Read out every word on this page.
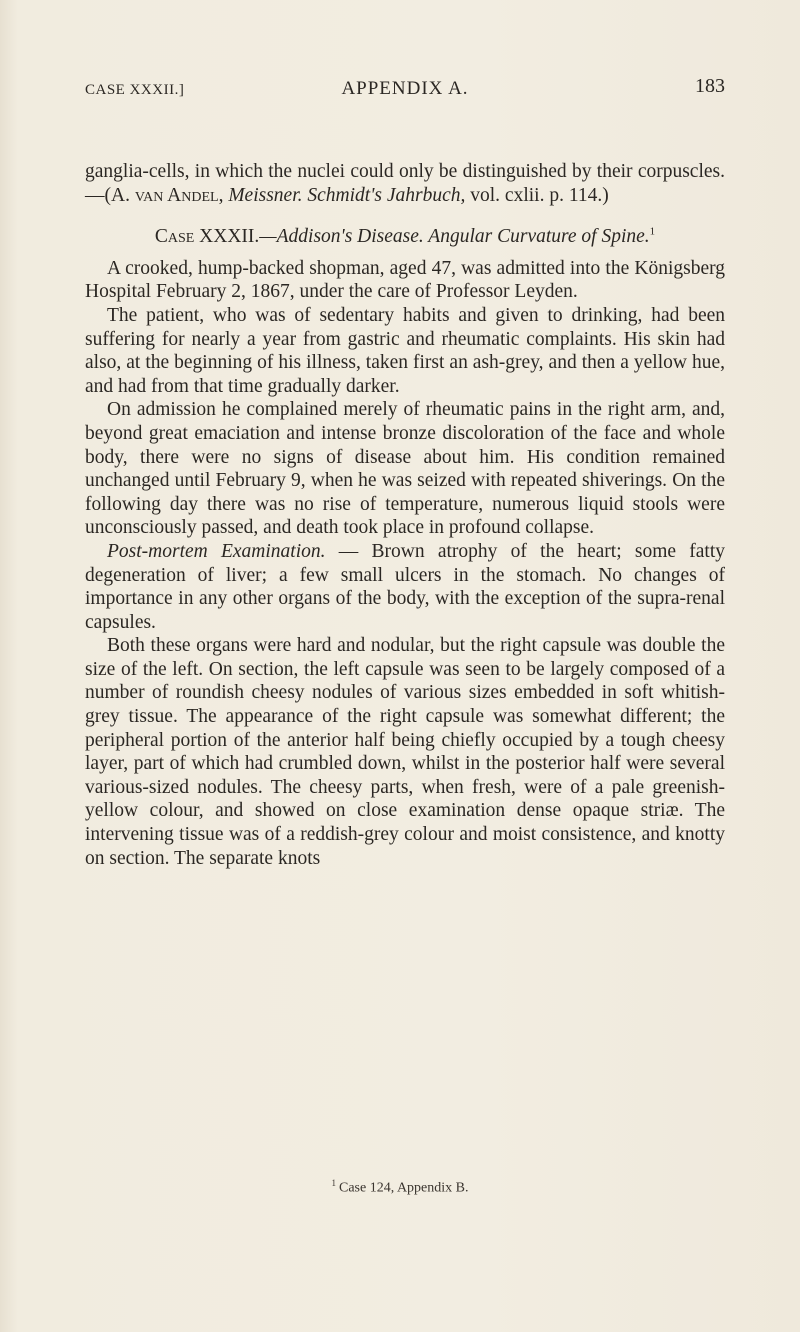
CASE XXXII.]	APPENDIX A.	183

ganglia-cells, in which the nuclei could only be distinguished by their corpuscles.—(A. van Andel, Meissner. Schmidt's Jahrbuch, vol. cxlii. p. 114.)

Case XXXII.—Addison's Disease. Angular Curvature of Spine.$^1$

A crooked, hump-backed shopman, aged 47, was admitted into the Königsberg Hospital February 2, 1867, under the care of Professor Leyden.

The patient, who was of sedentary habits and given to drinking, had been suffering for nearly a year from gastric and rheumatic complaints. His skin had also, at the beginning of his illness, taken first an ash-grey, and then a yellow hue, and had from that time gradually darker.

On admission he complained merely of rheumatic pains in the right arm, and, beyond great emaciation and intense bronze discoloration of the face and whole body, there were no signs of disease about him. His condition remained unchanged until February 9, when he was seized with repeated shiverings. On the following day there was no rise of temperature, numerous liquid stools were unconsciously passed, and death took place in profound collapse.

Post-mortem Examination. — Brown atrophy of the heart; some fatty degeneration of liver; a few small ulcers in the stomach. No changes of importance in any other organs of the body, with the exception of the supra-renal capsules.

Both these organs were hard and nodular, but the right capsule was double the size of the left. On section, the left capsule was seen to be largely composed of a number of roundish cheesy nodules of various sizes embedded in soft whitish-grey tissue. The appearance of the right capsule was somewhat different; the peripheral portion of the anterior half being chiefly occupied by a tough cheesy layer, part of which had crumbled down, whilst in the posterior half were several various-sized nodules. The cheesy parts, when fresh, were of a pale greenish-yellow colour, and showed on close examination dense opaque striæ. The intervening tissue was of a reddish-grey colour and moist consistence, and knotty on section. The separate knots

$^1$ Case 124, Appendix B.
